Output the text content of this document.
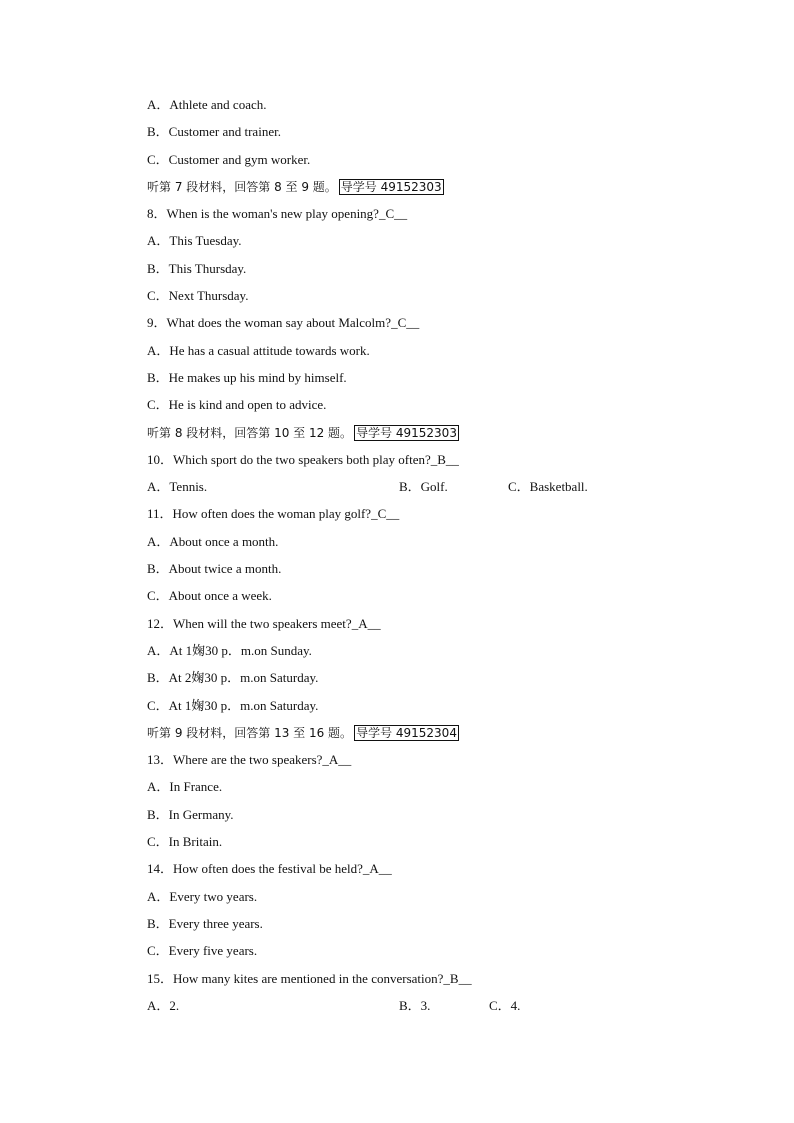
A．Athlete and coach.
B．Customer and trainer.
C．Customer and gym worker.
听第 7 段材料，回答第 8 至 9 题。 导学号 49152303
8．When is the woman's new play opening?_C__
A．This Tuesday.
B．This Thursday.
C．Next Thursday.
9．What does the woman say about Malcolm?_C__
A．He has a casual attitude towards work.
B．He makes up his mind by himself.
C．He is kind and open to advice.
听第 8 段材料，回答第 10 至 12 题。 导学号 49152303
10．Which sport do the two speakers both play often?_B__
A．Tennis.	B．Golf.	C．Basketball.
11．How often does the woman play golf?_C__
A．About once a month.
B．About twice a month.
C．About once a week.
12．When will the two speakers meet?_A__
A．At 1婅30 p．m.on Sunday.
B．At 2婅30 p．m.on Saturday.
C．At 1婅30 p．m.on Saturday.
听第 9 段材料，回答第 13 至 16 题。 导学号 49152304
13．Where are the two speakers?_A__
A．In France.
B．In Germany.
C．In Britain.
14．How often does the festival be held?_A__
A．Every two years.
B．Every three years.
C．Every five years.
15．How many kites are mentioned in the conversation?_B__
A．2.	B．3.	C．4.
